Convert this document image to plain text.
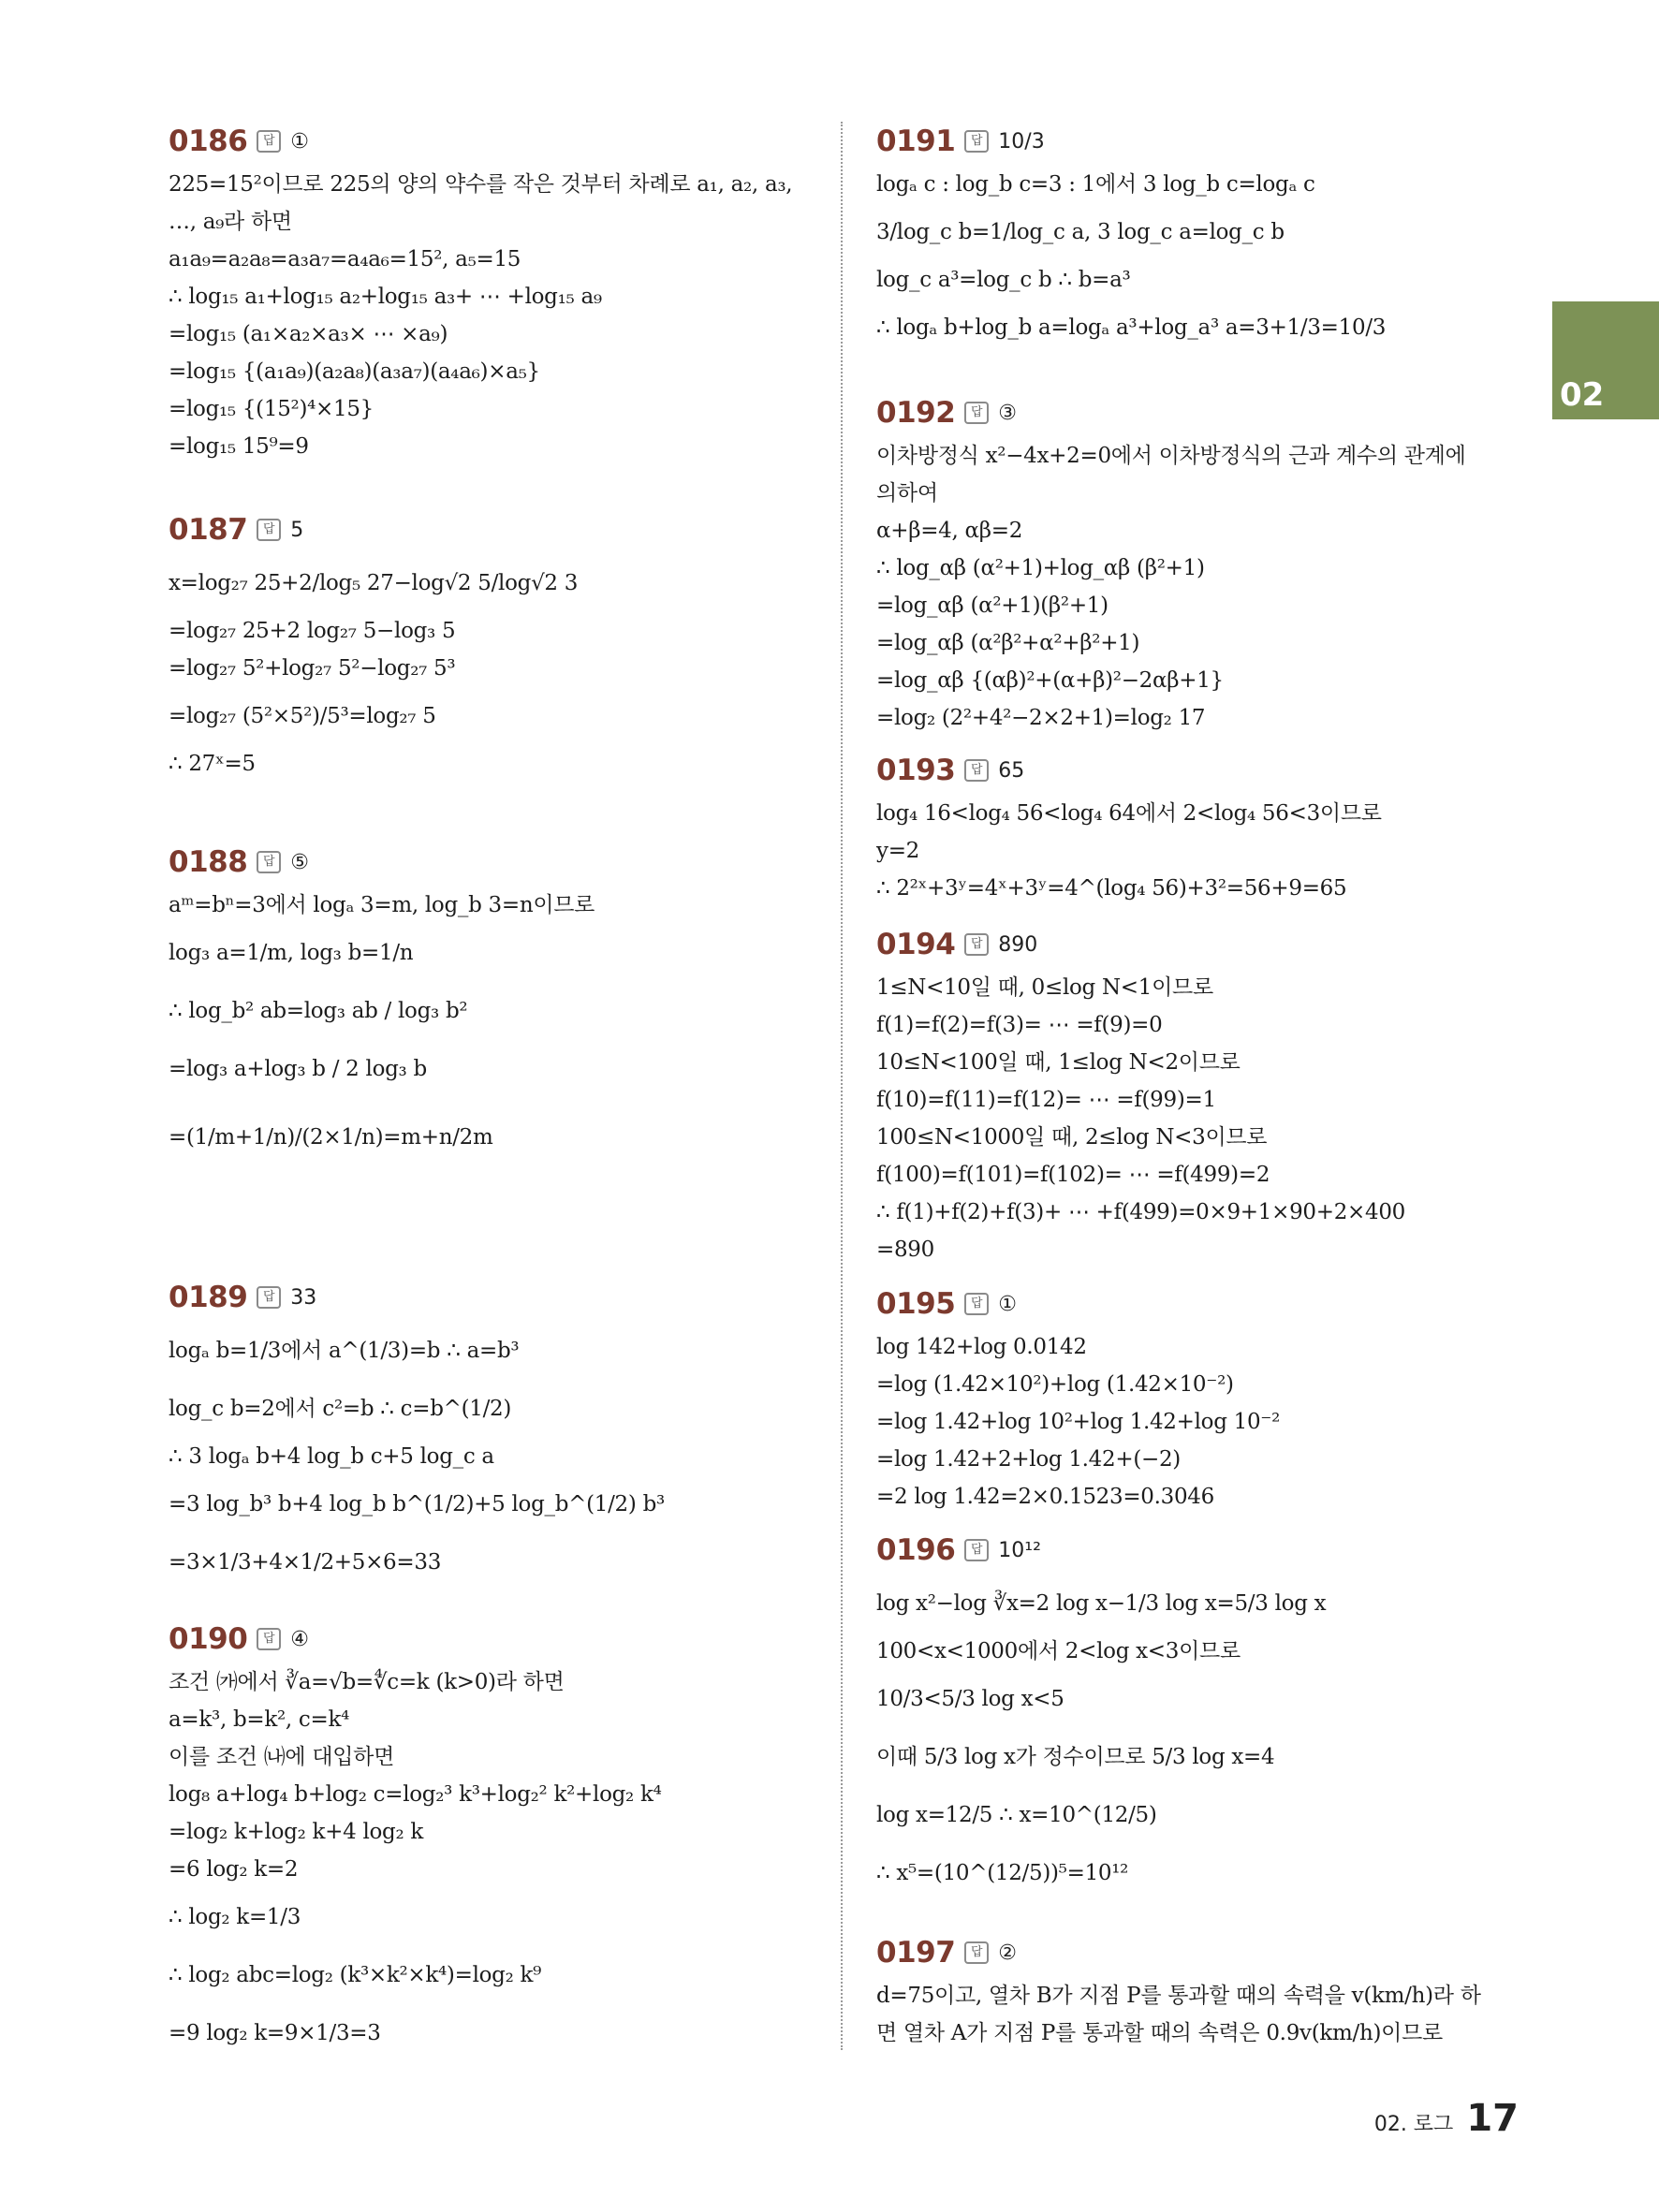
02
0186	답 ①
225=15²이므로 225의 양의 약수를 작은 것부터 차례로 a₁, a₂, a₃,
…, a₉라 하면
a₁a₉=a₂a₈=a₃a₇=a₄a₆=15², a₅=15
∴ log₁₅ a₁+log₁₅ a₂+log₁₅ a₃+ ⋯ +log₁₅ a₉
=log₁₅ (a₁×a₂×a₃× ⋯ ×a₉)
=log₁₅ {(a₁a₉)(a₂a₈)(a₃a₇)(a₄a₆)×a₅}
=log₁₅ {(15²)⁴×15}
=log₁₅ 15⁹=9
0187	답 5
x=log₂₇ 25+2/log₅ 27−log√2 5/log√2 3
=log₂₇ 25+2 log₂₇ 5−log₃ 5
=log₂₇ 5²+log₂₇ 5²−log₂₇ 5³
=log₂₇ (5²×5²)/5³=log₂₇ 5
∴ 27ˣ=5
0188	답 ⑤
aᵐ=bⁿ=3에서 logₐ 3=m, log_b 3=n이므로
log₃ a=1/m, log₃ b=1/n
∴ log_b² ab=log₃ ab / log₃ b²
=log₃ a+log₃ b / 2 log₃ b
=(1/m+1/n)/(2×1/n)=m+n/2m
0189	답 33
logₐ b=1/3에서 a^(1/3)=b ∴ a=b³
log_c b=2에서 c²=b ∴ c=b^(1/2)
∴ 3 logₐ b+4 log_b c+5 log_c a
=3 log_b³ b+4 log_b b^(1/2)+5 log_b^(1/2) b³
=3×1/3+4×1/2+5×6=33
0190	답 ④
조건 ㈎에서 ∛a=√b=∜c=k (k>0)라 하면
a=k³, b=k², c=k⁴
이를 조건 ㈏에 대입하면
log₈ a+log₄ b+log₂ c=log₂³ k³+log₂² k²+log₂ k⁴
=log₂ k+log₂ k+4 log₂ k
=6 log₂ k=2
∴ log₂ k=1/3
∴ log₂ abc=log₂ (k³×k²×k⁴)=log₂ k⁹
=9 log₂ k=9×1/3=3
0191	답 10/3
logₐ c : log_b c=3 : 1에서 3 log_b c=logₐ c
3/log_c b=1/log_c a, 3 log_c a=log_c b
log_c a³=log_c b ∴ b=a³
∴ logₐ b+log_b a=logₐ a³+log_a³ a=3+1/3=10/3
0192	답 ③
이차방정식 x²−4x+2=0에서 이차방정식의 근과 계수의 관계에
의하여
α+β=4, αβ=2
∴ log_αβ (α²+1)+log_αβ (β²+1)
=log_αβ (α²+1)(β²+1)
=log_αβ (α²β²+α²+β²+1)
=log_αβ {(αβ)²+(α+β)²−2αβ+1}
=log₂ (2²+4²−2×2+1)=log₂ 17
0193	답 65
log₄ 16<log₄ 56<log₄ 64에서 2<log₄ 56<3이므로
y=2
∴ 2²ˣ+3ʸ=4ˣ+3ʸ=4^(log₄ 56)+3²=56+9=65
0194	답 890
1≤N<10일 때, 0≤log N<1이므로
f(1)=f(2)=f(3)= ⋯ =f(9)=0
10≤N<100일 때, 1≤log N<2이므로
f(10)=f(11)=f(12)= ⋯ =f(99)=1
100≤N<1000일 때, 2≤log N<3이므로
f(100)=f(101)=f(102)= ⋯ =f(499)=2
∴ f(1)+f(2)+f(3)+ ⋯ +f(499)=0×9+1×90+2×400
=890
0195	답 ①
log 142+log 0.0142
=log (1.42×10²)+log (1.42×10⁻²)
=log 1.42+log 10²+log 1.42+log 10⁻²
=log 1.42+2+log 1.42+(−2)
=2 log 1.42=2×0.1523=0.3046
0196	답 10¹²
log x²−log ∛x=2 log x−1/3 log x=5/3 log x
100<x<1000에서 2<log x<3이므로
10/3<5/3 log x<5
이때 5/3 log x가 정수이므로 5/3 log x=4
log x=12/5 ∴ x=10^(12/5)
∴ x⁵=(10^(12/5))⁵=10¹²
0197	답 ②
d=75이고, 열차 B가 지점 P를 통과할 때의 속력을 v(km/h)라 하
면 열차 A가 지점 P를 통과할 때의 속력은 0.9v(km/h)이므로
02. 로그 17
